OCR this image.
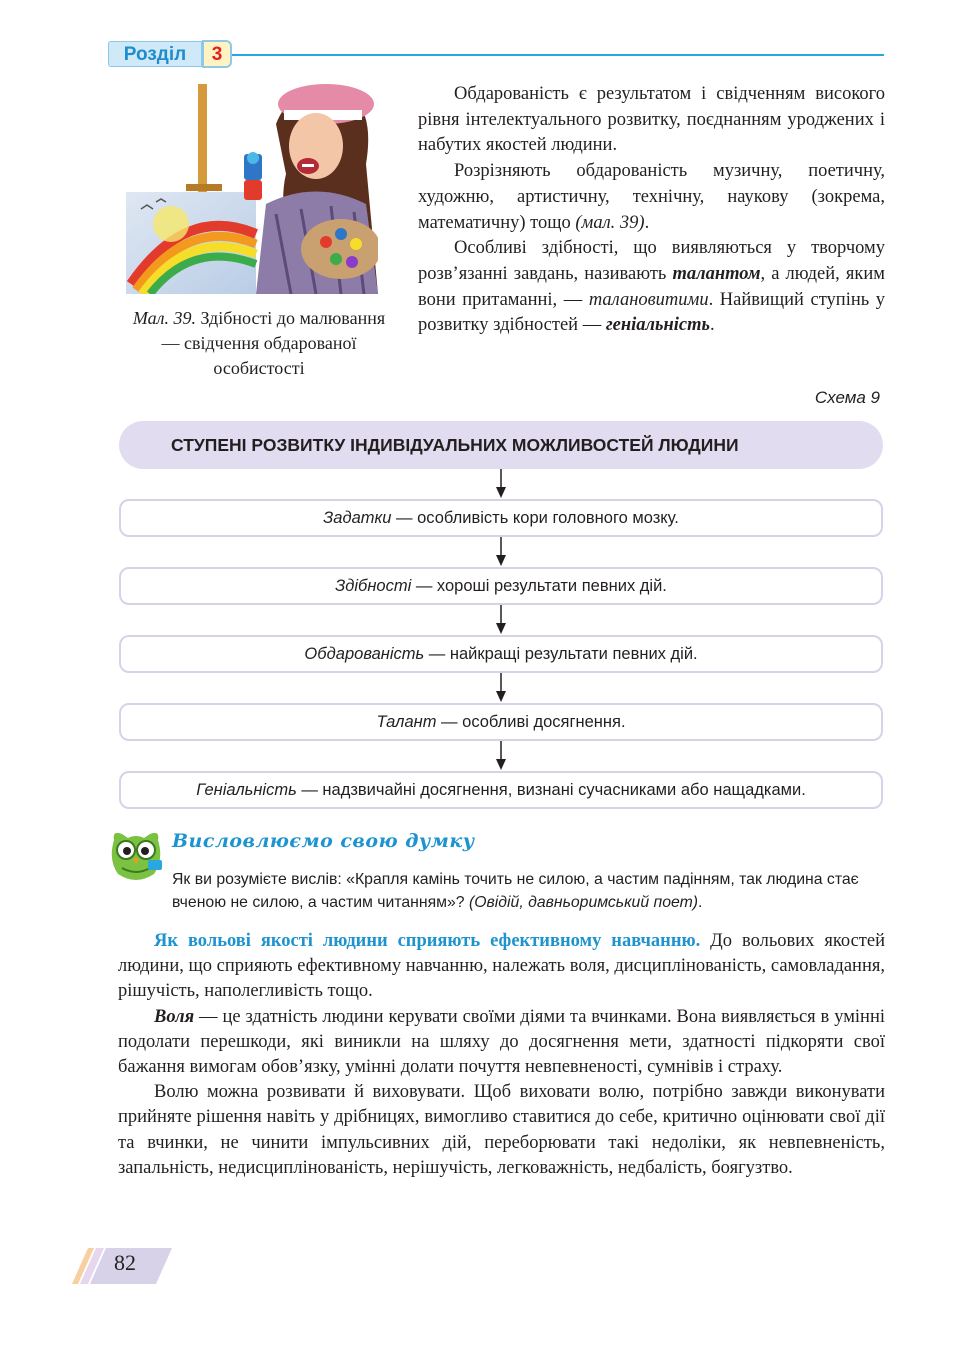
Розділ	3
Мал. 39. Здібності до малювання — свідчення обдарованої особистості

Обдарованість є результатом і свідченням високого рівня інтелектуального розвитку, поєднанням уроджених і набутих якостей людини.

Розрізняють обдарованість музичну, поетичну, художню, артистичну, технічну, наукову (зокрема, математичну) тощо (мал. 39).

Особливі здібності, що виявляються у творчому розв’язанні завдань, називають талантом, а людей, яким вони притаманні, — талановитими. Найвищий ступінь у розвитку здібностей — геніальність.

Схема 9
СТУПЕНІ РОЗВИТКУ ІНДИВІДУАЛЬНИХ МОЖЛИВОСТЕЙ ЛЮДИНИ
Задатки — особливість кори головного мозку.
Здібності — хороші результати певних дій.
Обдарованість — найкращі результати певних дій.
Талант — особливі досягнення.
Геніальність — надзвичайні досягнення, визнані сучасниками або нащадками.
Висловлюємо свою думку
Як ви розумієте вислів: «Крапля камінь точить не силою, а частим падінням, так людина стає вченою не силою, а частим читанням»? (Овідій, давньоримський поет).

Як вольові якості людини сприяють ефективному навчанню. До вольових якостей людини, що сприяють ефективному навчанню, належать воля, дисциплінованість, самовладання, рішучість, наполегливість тощо.

Воля — це здатність людини керувати своїми діями та вчинками. Вона виявляється в умінні подолати перешкоди, які виникли на шляху до досягнення мети, здатності підкоряти свої бажання вимогам обов’язку, умінні долати почуття невпевненості, сумнівів і страху.

Волю можна розвивати й виховувати. Щоб виховати волю, потрібно завжди виконувати прийняте рішення навіть у дрібницях, вимогливо ставитися до себе, критично оцінювати свої дії та вчинки, не чинити імпульсивних дій, переборювати такі недоліки, як невпевненість, запальність, недисциплінованість, нерішучість, легковажність, недбалість, боягузтво.

82
